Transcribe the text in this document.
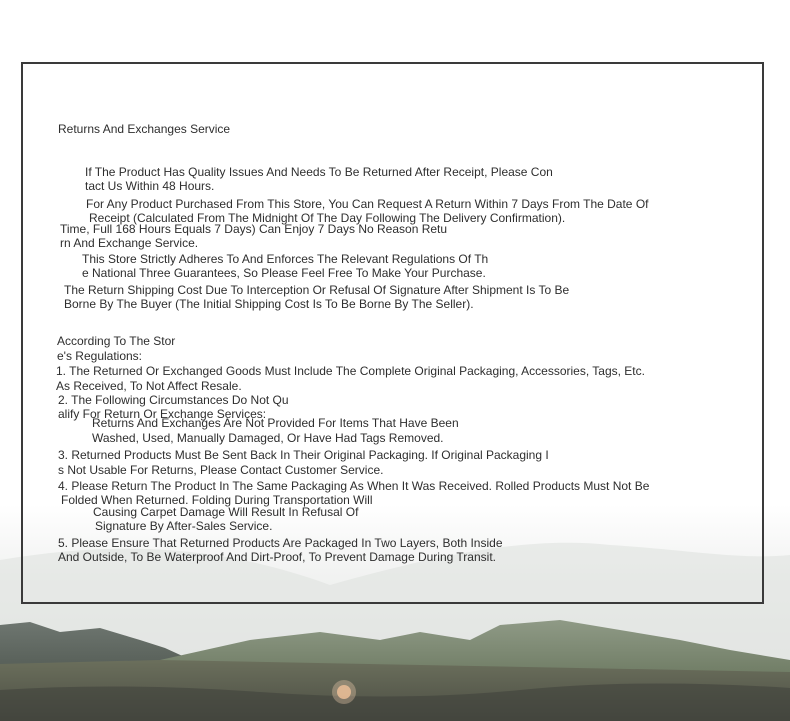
Returns And Exchanges Service
If The Product Has Quality Issues And Needs To Be Returned After Receipt, Please Con
tact Us Within 48 Hours.
For Any Product Purchased From This Store, You Can Request A Return Within 7 Days From The Date Of
Receipt (Calculated From The Midnight Of The Day Following The Delivery Confirmation).
Time, Full 168 Hours Equals 7 Days) Can Enjoy 7 Days No Reason Retu
rn And Exchange Service.
This Store Strictly Adheres To And Enforces The Relevant Regulations Of Th
e National Three Guarantees, So Please Feel Free To Make Your Purchase.
The Return Shipping Cost Due To Interception Or Refusal Of Signature After Shipment Is To Be
Borne By The Buyer (The Initial Shipping Cost Is To Be Borne By The Seller).
According To The Stor
e's Regulations:
1. The Returned Or Exchanged Goods Must Include The Complete Original Packaging, Accessories, Tags, Etc.
As Received, To Not Affect Resale.
2. The Following Circumstances Do Not Qu
alify For Return Or Exchange Services:
Returns And Exchanges Are Not Provided For Items That Have Been
Washed, Used, Manually Damaged, Or Have Had Tags Removed.
3. Returned Products Must Be Sent Back In Their Original Packaging. If Original Packaging I
s Not Usable For Returns, Please Contact Customer Service.
4. Please Return The Product In The Same Packaging As When It Was Received. Rolled Products Must Not Be
Folded When Returned. Folding During Transportation Will
Causing Carpet Damage Will Result In Refusal Of
Signature By After-Sales Service.
5. Please Ensure That Returned Products Are Packaged In Two Layers, Both Inside
And Outside, To Be Waterproof And Dirt-Proof, To Prevent Damage During Transit.
